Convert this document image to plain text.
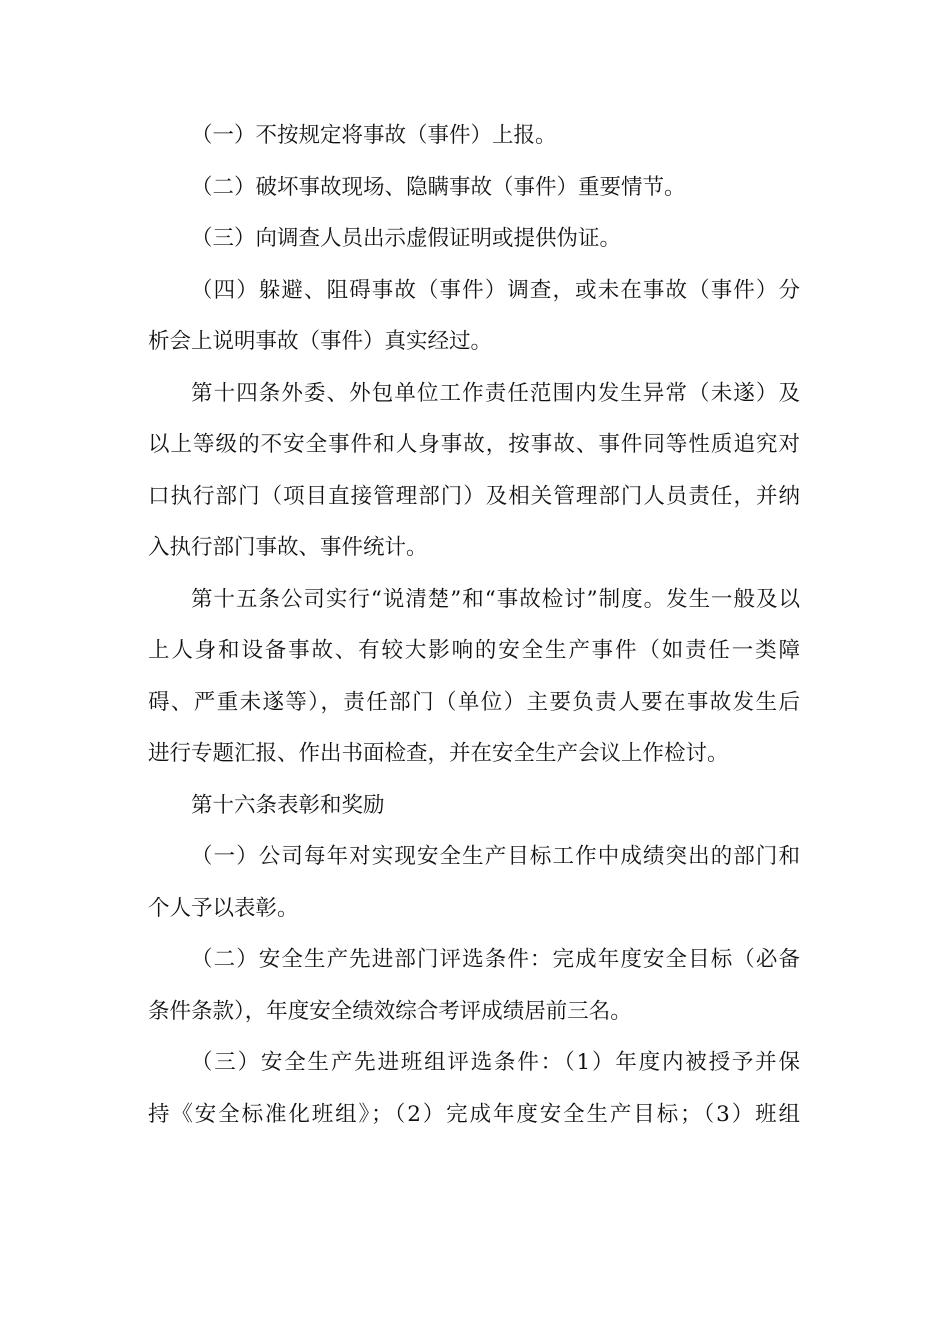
（一）不按规定将事故（事件）上报。

（二）破坏事故现场、隐瞒事故（事件）重要情节。

（三）向调查人员出示虚假证明或提供伪证。

（四）躲避、阻碍事故（事件）调查，或未在事故（事件）分
析会上说明事故（事件）真实经过。

第十四条外委、外包单位工作责任范围内发生异常（未遂）及
以上等级的不安全事件和人身事故，按事故、事件同等性质追究对
口执行部门（项目直接管理部门）及相关管理部门人员责任，并纳
入执行部门事故、事件统计。

第十五条公司实行“说清楚”和“事故检讨”制度。发生一般及以
上人身和设备事故、有较大影响的安全生产事件（如责任一类障
碍、严重未遂等），责任部门（单位）主要负责人要在事故发生后
进行专题汇报、作出书面检查，并在安全生产会议上作检讨。

第十六条表彰和奖励

（一）公司每年对实现安全生产目标工作中成绩突出的部门和
个人予以表彰。

（二）安全生产先进部门评选条件：完成年度安全目标（必备
条件条款），年度安全绩效综合考评成绩居前三名。

（三）安全生产先进班组评选条件：（1）年度内被授予并保
持《安全标准化班组》；（2）完成年度安全生产目标；（3）班组
